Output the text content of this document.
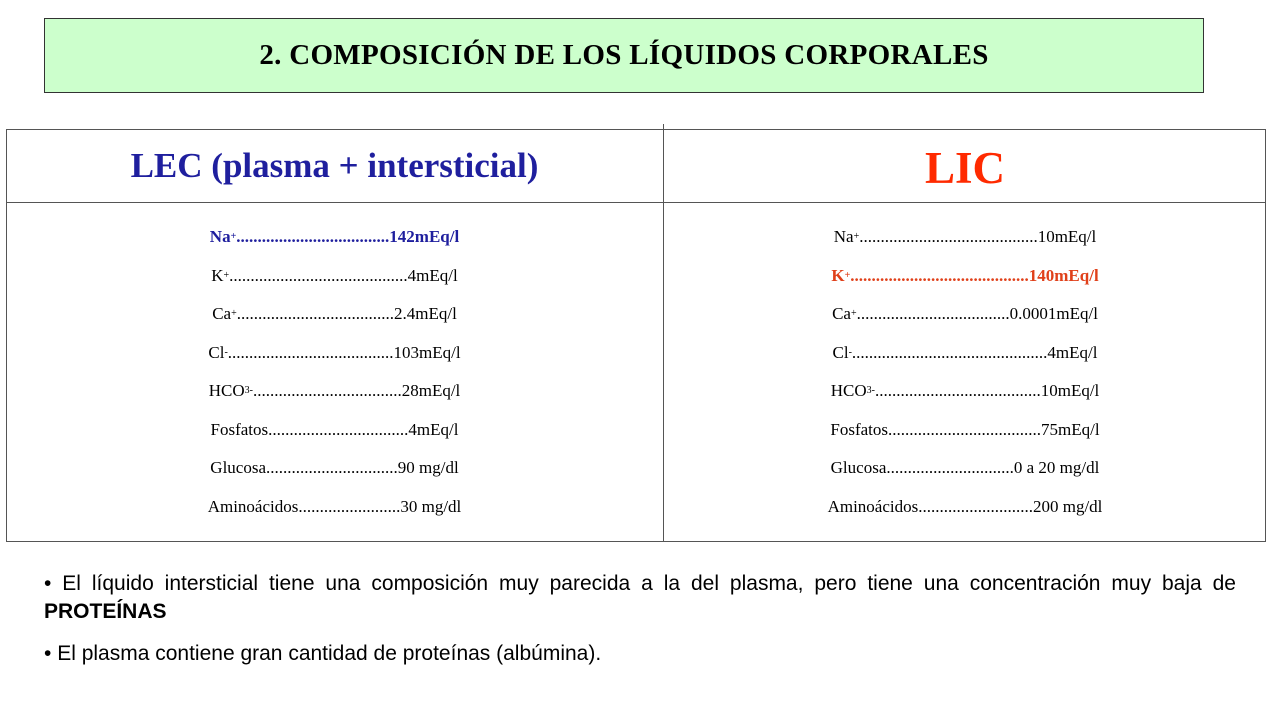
2. COMPOSICIÓN DE LOS LÍQUIDOS CORPORALES
LEC (plasma + intersticial)	LIC
Na + .................................... 142mEq/l
K + .......................................... 4mEq/l
Ca + ..................................... 2.4mEq/l
Cl - ....................................... 103mEq/l
HCO 3 - ................................... 28mEq/l
Fosfatos ................................. 4mEq/l
Glucosa ............................... 90 mg/dl
Aminoácidos ........................ 30 mg/dl
Na + .......................................... 10mEq/l
K + .......................................... 140mEq/l
Ca + .................................... 0.0001mEq/l
Cl - .............................................. 4mEq/l
HCO 3 - ....................................... 10mEq/l
Fosfatos .................................... 75mEq/l
Glucosa .............................. 0 a 20 mg/dl
Aminoácidos ........................... 200 mg/dl

• El líquido intersticial tiene una composición muy parecida a la del plasma, pero tiene una concentración muy baja de PROTEÍNAS

• El plasma contiene gran cantidad de proteínas (albúmina).
